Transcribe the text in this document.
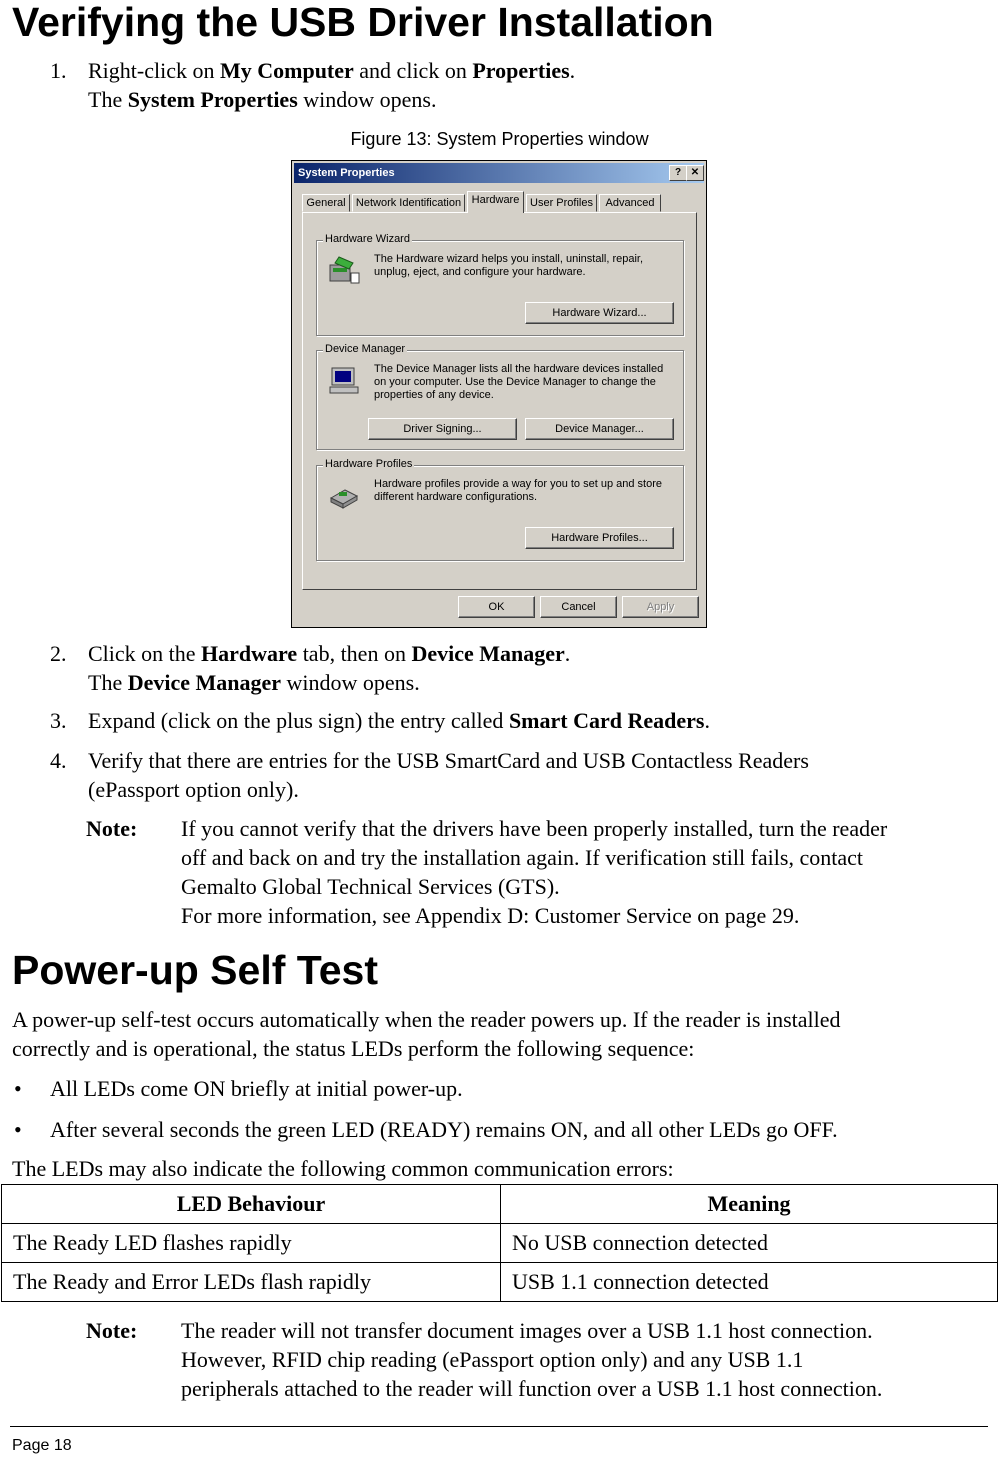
Verifying the USB Driver Installation
1. Right-click on My Computer and click on Properties.
The System Properties window opens.
Figure 13: System Properties window
System Properties	? ✕
General Network Identification Hardware User Profiles	Advanced
Hardware Wizard
The Hardware wizard helps you install, uninstall, repair, unplug, eject, and configure your hardware.
Hardware Wizard...
Device Manager
The Device Manager lists all the hardware devices installed on your computer. Use the Device Manager to change the properties of any device.
Driver Signing...	Device Manager...
Hardware Profiles
Hardware profiles provide a way for you to set up and store different hardware configurations.
Hardware Profiles...
OK	Cancel	Apply
2. Click on the Hardware tab, then on Device Manager.
The Device Manager window opens.
3. Expand (click on the plus sign) the entry called Smart Card Readers.
4. Verify that there are entries for the USB SmartCard and USB Contactless Readers
(ePassport option only).
Note: If you cannot verify that the drivers have been properly installed, turn the reader
off and back on and try the installation again. If verification still fails, contact
Gemalto Global Technical Services (GTS).
For more information, see Appendix D: Customer Service on page 29.
Power-up Self Test
A power-up self-test occurs automatically when the reader powers up. If the reader is installed
correctly and is operational, the status LEDs perform the following sequence:
• All LEDs come ON briefly at initial power-up.
• After several seconds the green LED (READY) remains ON, and all other LEDs go OFF.
The LEDs may also indicate the following common communication errors:
LED Behaviour	Meaning
The Ready LED flashes rapidly	No USB connection detected
The Ready and Error LEDs flash rapidly	USB 1.1 connection detected
Note: The reader will not transfer document images over a USB 1.1 host connection.
However, RFID chip reading (ePassport option only) and any USB 1.1
peripherals attached to the reader will function over a USB 1.1 host connection.
Page 18
